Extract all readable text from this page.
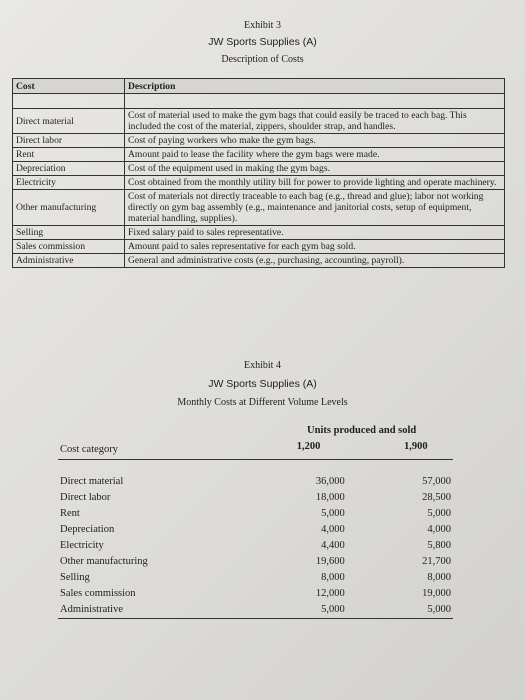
Exhibit 3
JW Sports Supplies (A)
Description of Costs
Cost	Description

Direct material	Cost of material used to make the gym bags that could easily be traced to each bag. This included the cost of the material, zippers, shoulder strap, and handles.
Direct labor	Cost of paying workers who make the gym bags.
Rent	Amount paid to lease the facility where the gym bags were made.
Depreciation	Cost of the equipment used in making the gym bags.
Electricity	Cost obtained from the monthly utility bill for power to provide lighting and operate machinery.
Other manufacturing	Cost of materials not directly traceable to each bag (e.g., thread and glue); labor not working directly on gym bag assembly (e.g., maintenance and janitorial costs, setup of equipment, material handling, supplies).
Selling	Fixed salary paid to sales representative.
Sales commission	Amount paid to sales representative for each gym bag sold.
Administrative	General and administrative costs (e.g., purchasing, accounting, payroll).
Exhibit 4
JW Sports Supplies (A)
Monthly Costs at Different Volume Levels
	Units produced and sold		
Cost category	1,200		1,900
Direct material	36,000		57,000
Direct labor	18,000		28,500
Rent	5,000		5,000
Depreciation	4,000		4,000
Electricity	4,400		5,800
Other manufacturing	19,600		21,700
Selling	8,000		8,000
Sales commission	12,000		19,000
Administrative	5,000		5,000
